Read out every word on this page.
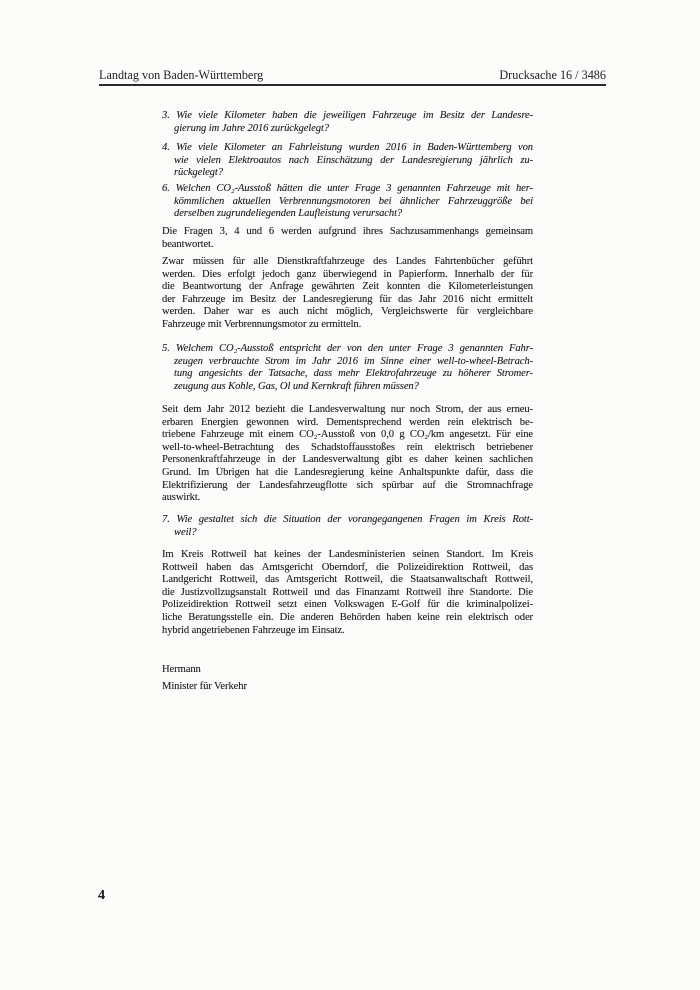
Landtag von Baden-Württemberg	Drucksache 16 / 3486
3. Wie viele Kilometer haben die jeweiligen Fahrzeuge im Besitz der Landesre-
gierung im Jahre 2016 zurückgelegt?
4. Wie viele Kilometer an Fahrleistung wurden 2016 in Baden-Württemberg von
wie vielen Elektroautos nach Einschätzung der Landesregierung jährlich zu-
rückgelegt?
6. Welchen CO₂-Ausstoß hätten die unter Frage 3 genannten Fahrzeuge mit her-
kömmlichen aktuellen Verbrennungsmotoren bei ähnlicher Fahrzeuggröße bei
derselben zugrundeliegenden Laufleistung verursacht?
Die Fragen 3, 4 und 6 werden aufgrund ihres Sachzusammenhangs gemeinsam
beantwortet.
Zwar müssen für alle Dienstkraftfahrzeuge des Landes Fahrtenbücher geführt
werden. Dies erfolgt jedoch ganz überwiegend in Papierform. Innerhalb der für
die Beantwortung der Anfrage gewährten Zeit konnten die Kilometerleistungen
der Fahrzeuge im Besitz der Landesregierung für das Jahr 2016 nicht ermittelt
werden. Daher war es auch nicht möglich, Vergleichswerte für vergleichbare
Fahrzeuge mit Verbrennungsmotor zu ermitteln.
5. Welchem CO₂-Ausstoß entspricht der von den unter Frage 3 genannten Fahr-
zeugen verbrauchte Strom im Jahr 2016 im Sinne einer well-to-wheel-Betrach-
tung angesichts der Tatsache, dass mehr Elektrofahrzeuge zu höherer Stromer-
zeugung aus Kohle, Gas, Öl und Kernkraft führen müssen?
Seit dem Jahr 2012 bezieht die Landesverwaltung nur noch Strom, der aus erneu-
erbaren Energien gewonnen wird. Dementsprechend werden rein elektrisch be-
triebene Fahrzeuge mit einem CO₂-Ausstoß von 0,0 g CO₂/km angesetzt. Für eine
well-to-wheel-Betrachtung des Schadstoffausstoßes rein elektrisch betriebener
Personenkraftfahrzeuge in der Landesverwaltung gibt es daher keinen sachlichen
Grund. Im Übrigen hat die Landesregierung keine Anhaltspunkte dafür, dass die
Elektrifizierung der Landesfahrzeugflotte sich spürbar auf die Stromnachfrage
auswirkt.
7. Wie gestaltet sich die Situation der vorangegangenen Fragen im Kreis Rott-
weil?
Im Kreis Rottweil hat keines der Landesministerien seinen Standort. Im Kreis
Rottweil haben das Amtsgericht Oberndorf, die Polizeidirektion Rottweil, das
Landgericht Rottweil, das Amtsgericht Rottweil, die Staatsanwaltschaft Rottweil,
die Justizvollzugsanstalt Rottweil und das Finanzamt Rottweil ihre Standorte. Die
Polizeidirektion Rottweil setzt einen Volkswagen E-Golf für die kriminalpolizei-
liche Beratungsstelle ein. Die anderen Behörden haben keine rein elektrisch oder
hybrid angetriebenen Fahrzeuge im Einsatz.
Hermann
Minister für Verkehr
4
